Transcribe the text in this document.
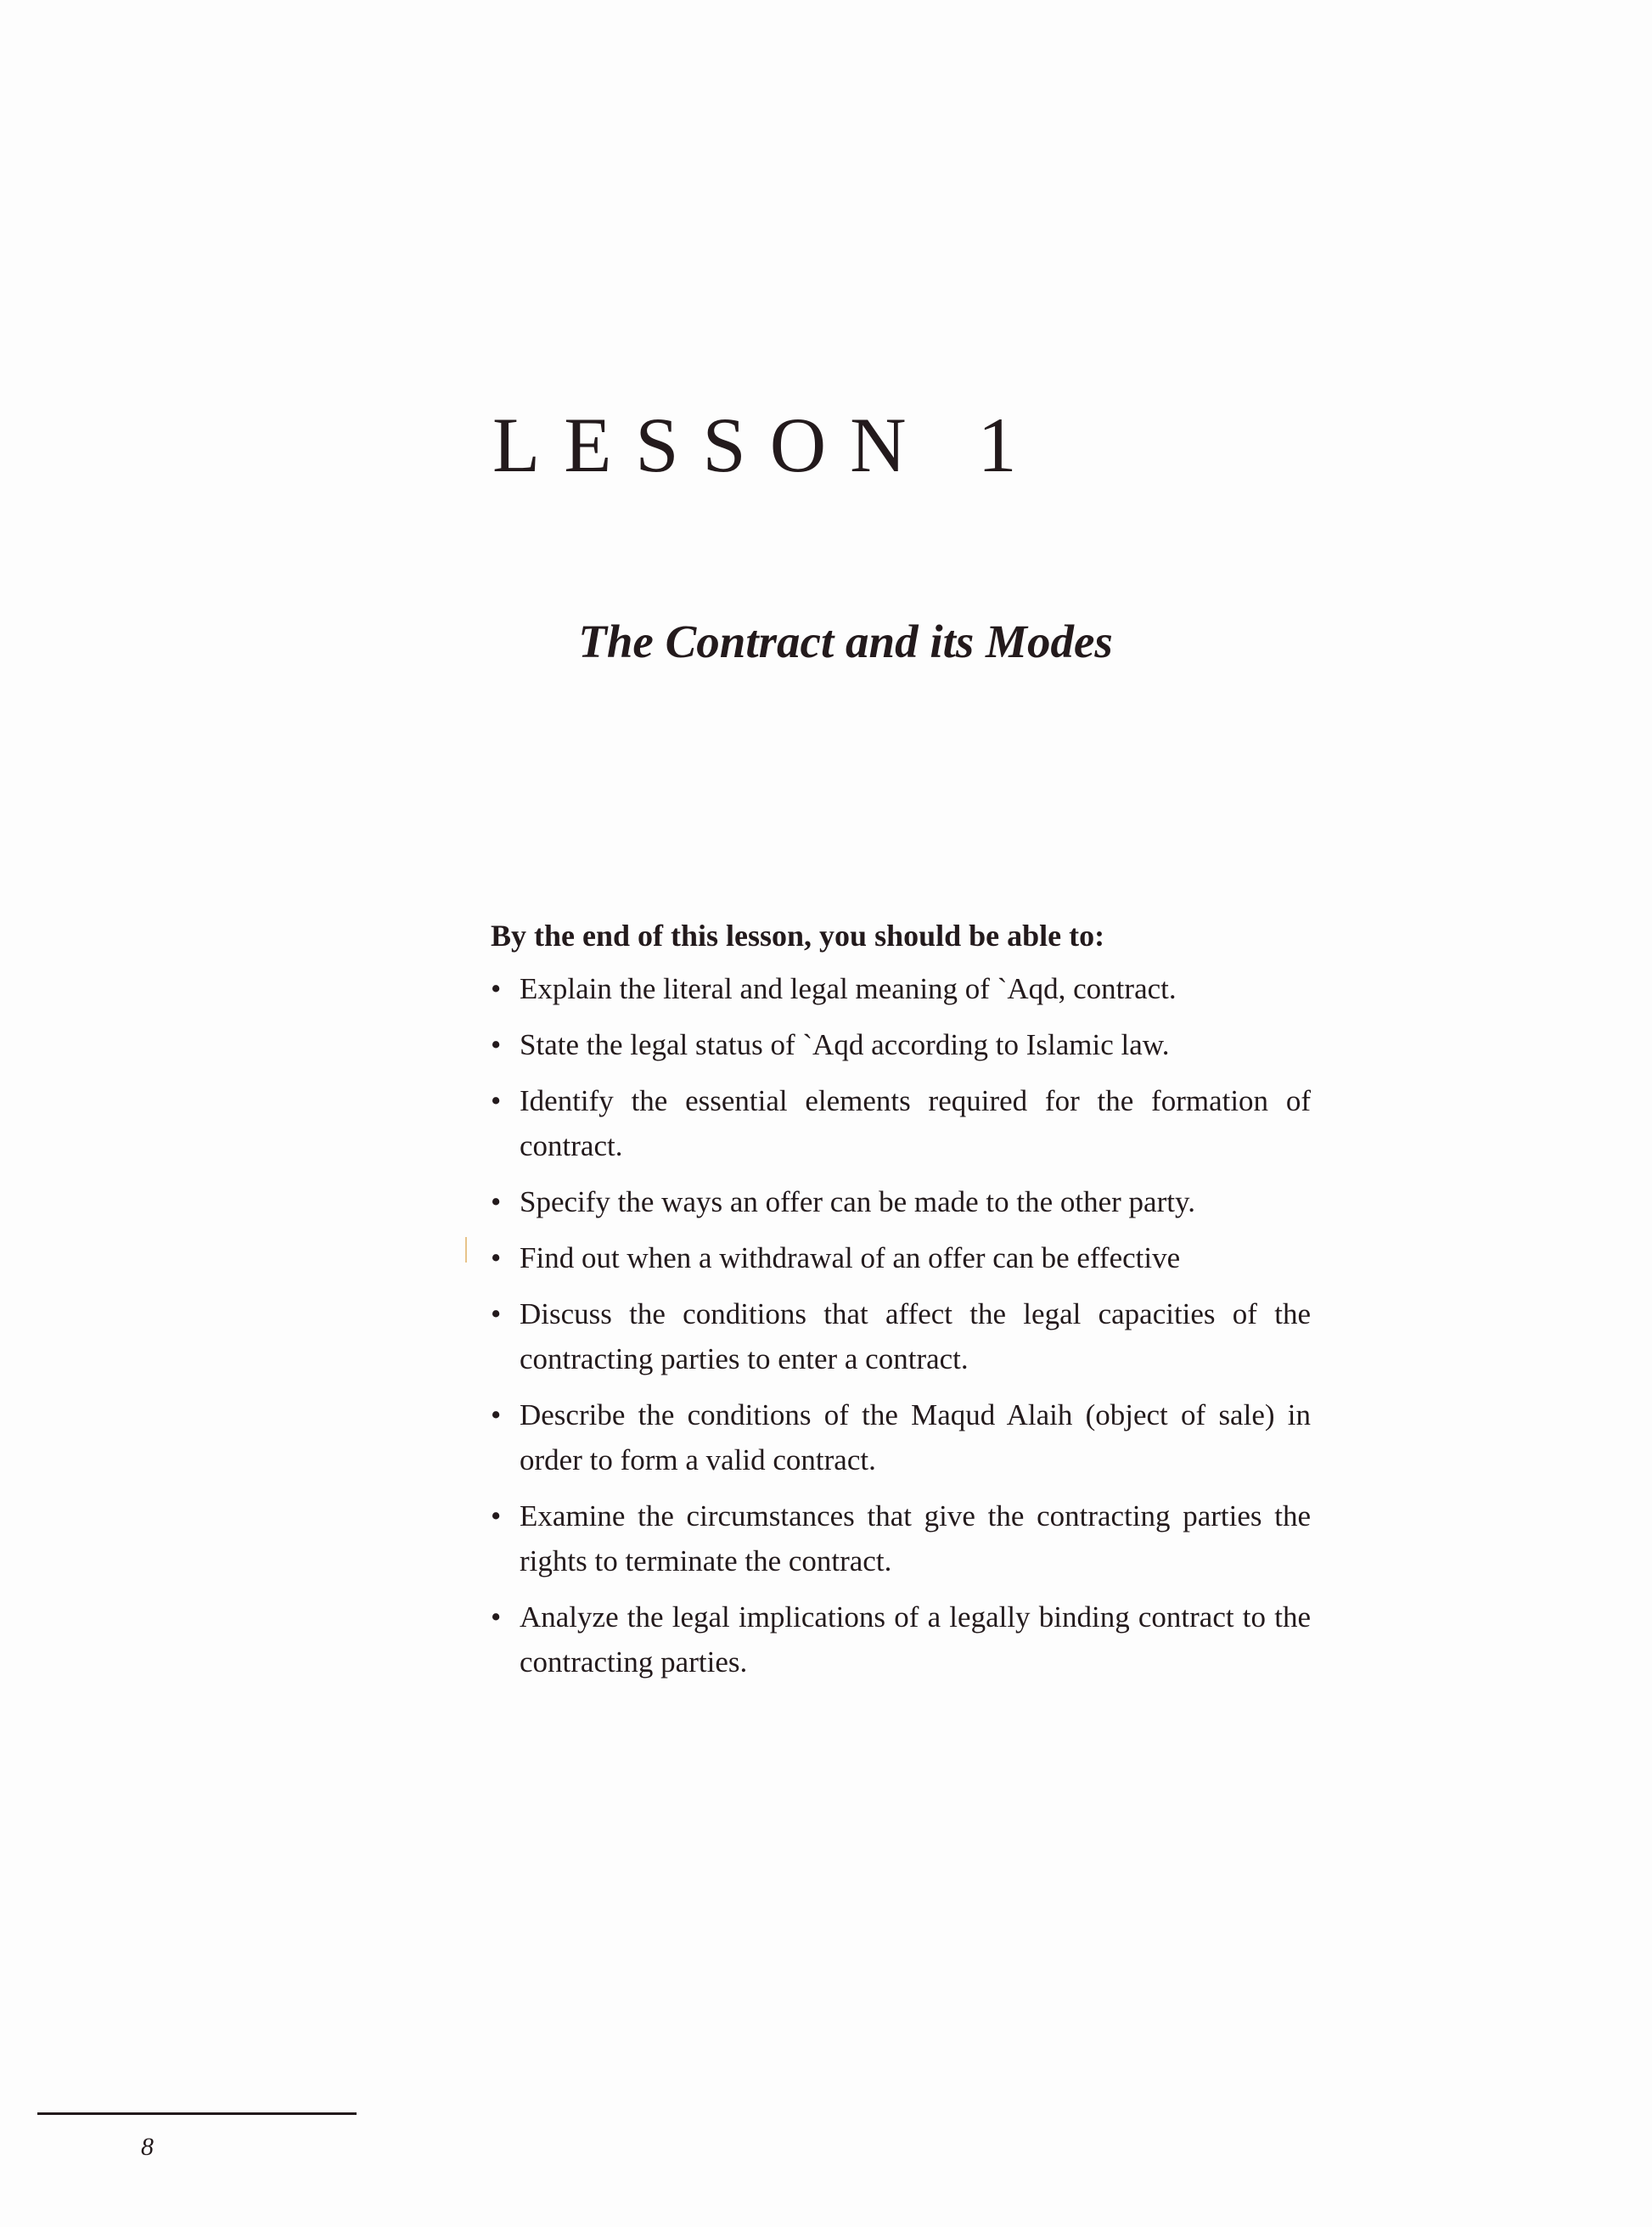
LESSON 1
The Contract and its Modes

By the end of this lesson, you should be able to:

• Explain the literal and legal meaning of `Aqd, contract.
• State the legal status of `Aqd according to Islamic law.
• Identify the essential elements required for the formation of contract.
• Specify the ways an offer can be made to the other party.
• Find out when a withdrawal of an offer can be effective
• Discuss the conditions that affect the legal capacities of the contracting parties to enter a contract.
• Describe the conditions of the Maqud Alaih (object of sale) in order to form a valid contract.
• Examine the circumstances that give the contracting parties the rights to terminate the contract.
• Analyze the legal implications of a legally binding contract to the contracting parties.
8
